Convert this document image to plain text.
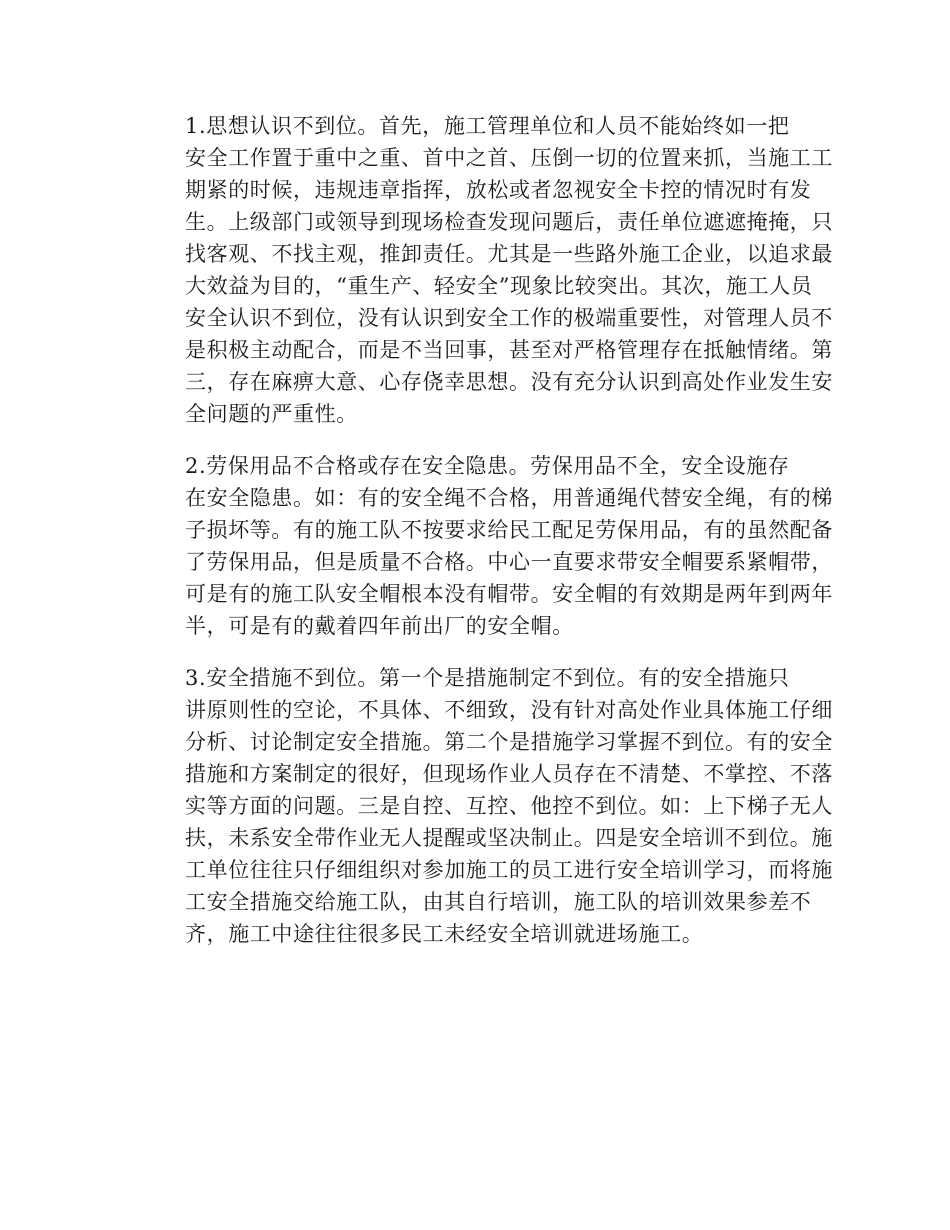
1.思想认识不到位。首先，施工管理单位和人员不能始终如一把
安全工作置于重中之重、首中之首、压倒一切的位置来抓，当施工工
期紧的时候，违规违章指挥，放松或者忽视安全卡控的情况时有发
生。上级部门或领导到现场检查发现问题后，责任单位遮遮掩掩，只
找客观、不找主观，推卸责任。尤其是一些路外施工企业，以追求最
大效益为目的，“重生产、轻安全”现象比较突出。其次，施工人员
安全认识不到位，没有认识到安全工作的极端重要性，对管理人员不
是积极主动配合，而是不当回事，甚至对严格管理存在抵触情绪。第
三，存在麻痹大意、心存侥幸思想。没有充分认识到高处作业发生安
全问题的严重性。

2.劳保用品不合格或存在安全隐患。劳保用品不全，安全设施存
在安全隐患。如：有的安全绳不合格，用普通绳代替安全绳，有的梯
子损坏等。有的施工队不按要求给民工配足劳保用品，有的虽然配备
了劳保用品，但是质量不合格。中心一直要求带安全帽要系紧帽带，
可是有的施工队安全帽根本没有帽带。安全帽的有效期是两年到两年
半，可是有的戴着四年前出厂的安全帽。

3.安全措施不到位。第一个是措施制定不到位。有的安全措施只
讲原则性的空论，不具体、不细致，没有针对高处作业具体施工仔细
分析、讨论制定安全措施。第二个是措施学习掌握不到位。有的安全
措施和方案制定的很好，但现场作业人员存在不清楚、不掌控、不落
实等方面的问题。三是自控、互控、他控不到位。如：上下梯子无人
扶，未系安全带作业无人提醒或坚决制止。四是安全培训不到位。施
工单位往往只仔细组织对参加施工的员工进行安全培训学习，而将施
工安全措施交给施工队，由其自行培训，施工队的培训效果参差不
齐，施工中途往往很多民工未经安全培训就进场施工。
